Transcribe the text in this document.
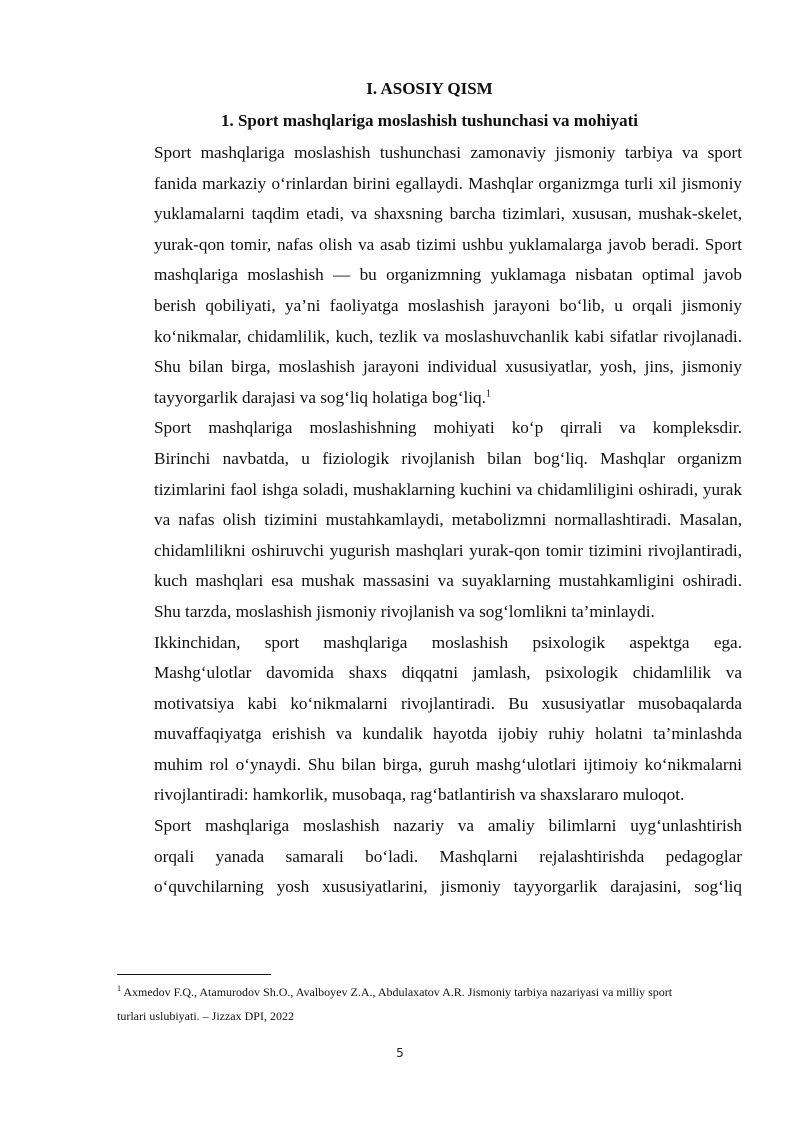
I. ASOSIY QISM
1. Sport mashqlariga moslashish tushunchasi va mohiyati

Sport mashqlariga moslashish tushunchasi zamonaviy jismoniy tarbiya va sport
fanida markaziy o‘rinlardan birini egallaydi. Mashqlar organizmga turli xil jismoniy
yuklamalarni taqdim etadi, va shaxsning barcha tizimlari, xususan, mushak-skelet,
yurak-qon tomir, nafas olish va asab tizimi ushbu yuklamalarga javob beradi. Sport
mashqlariga moslashish — bu organizmning yuklamaga nisbatan optimal javob
berish qobiliyati, ya’ni faoliyatga moslashish jarayoni bo‘lib, u orqali jismoniy
ko‘nikmalar, chidamlilik, kuch, tezlik va moslashuvchanlik kabi sifatlar rivojlanadi.
Shu bilan birga, moslashish jarayoni individual xususiyatlar, yosh, jins, jismoniy
tayyorgarlik darajasi va sog‘liq holatiga bog‘liq.$^1$

Sport mashqlariga moslashishning mohiyati ko‘p qirrali va kompleksdir.
Birinchi navbatda, u fiziologik rivojlanish bilan bog‘liq. Mashqlar organizm
tizimlarini faol ishga soladi, mushaklarning kuchini va chidamliligini oshiradi, yurak
va nafas olish tizimini mustahkamlaydi, metabolizmni normallashtiradi. Masalan,
chidamlilikni oshiruvchi yugurish mashqlari yurak-qon tomir tizimini rivojlantiradi,
kuch mashqlari esa mushak massasini va suyaklarning mustahkamligini oshiradi.
Shu tarzda, moslashish jismoniy rivojlanish va sog‘lomlikni ta’minlaydi.

Ikkinchidan, sport mashqlariga moslashish psixologik aspektga ega.
Mashg‘ulotlar davomida shaxs diqqatni jamlash, psixologik chidamlilik va
motivatsiya kabi ko‘nikmalarni rivojlantiradi. Bu xususiyatlar musobaqalarda
muvaffaqiyatga erishish va kundalik hayotda ijobiy ruhiy holatni ta’minlashda
muhim rol o‘ynaydi. Shu bilan birga, guruh mashg‘ulotlari ijtimoiy ko‘nikmalarni
rivojlantiradi: hamkorlik, musobaqa, rag‘batlantirish va shaxslararo muloqot.

Sport mashqlariga moslashish nazariy va amaliy bilimlarni uyg‘unlashtirish
orqali yanada samarali bo‘ladi. Mashqlarni rejalashtirishda pedagoglar
o‘quvchilarning yosh xususiyatlarini, jismoniy tayyorgarlik darajasini, sog‘liq

$^1$ Axmedov F.Q., Atamurodov Sh.O., Avalboyev Z.A., Abdulaxatov A.R. Jismoniy tarbiya nazariyasi va milliy sport
turlari uslubiyati. – Jizzax DPI, 2022
5
